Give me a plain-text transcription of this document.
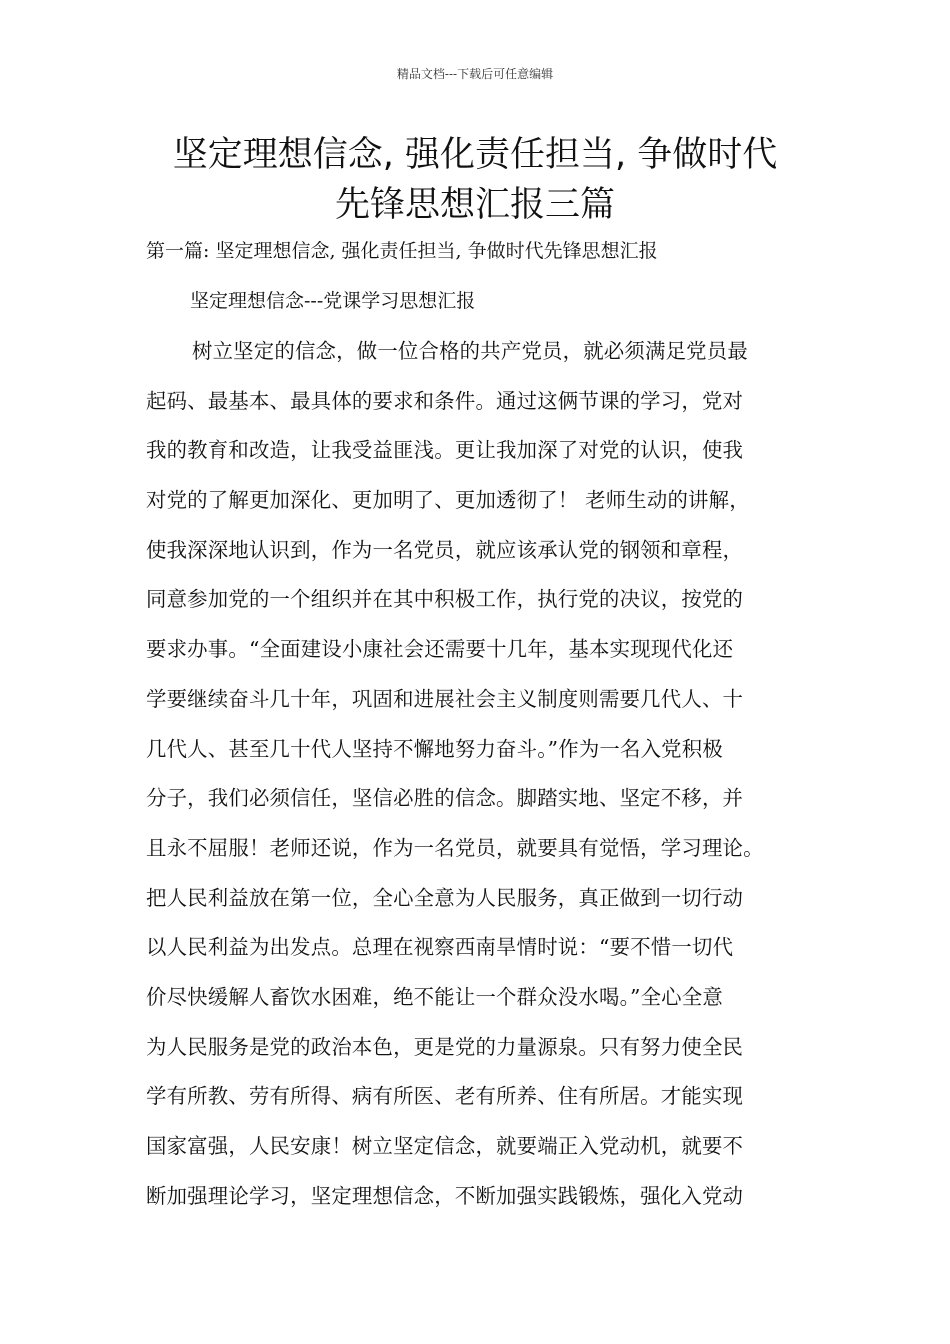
精品文档---下载后可任意编辑
坚定理想信念, 强化责任担当, 争做时代
先锋思想汇报三篇
第一篇: 坚定理想信念, 强化责任担当, 争做时代先锋思想汇报
坚定理想信念---党课学习思想汇报
树立坚定的信念，做一位合格的共产党员，就必须满足党员最
起码、最基本、最具体的要求和条件。通过这俩节课的学习，党对
我的教育和改造，让我受益匪浅。更让我加深了对党的认识，使我
对党的了解更加深化、更加明了、更加透彻了！ 老师生动的讲解，
使我深深地认识到，作为一名党员，就应该承认党的钢领和章程，
同意参加党的一个组织并在其中积极工作，执行党的决议，按党的
要求办事。“全面建设小康社会还需要十几年，基本实现现代化还
学要继续奋斗几十年，巩固和进展社会主义制度则需要几代人、十
几代人、甚至几十代人坚持不懈地努力奋斗。”作为一名入党积极
分子，我们必须信任，坚信必胜的信念。脚踏实地、坚定不移，并
且永不屈服！老师还说，作为一名党员，就要具有觉悟，学习理论。
把人民利益放在第一位，全心全意为人民服务，真正做到一切行动
以人民利益为出发点。总理在视察西南旱情时说：“要不惜一切代
价尽快缓解人畜饮水困难，绝不能让一个群众没水喝。”全心全意
为人民服务是党的政治本色，更是党的力量源泉。只有努力使全民
学有所教、劳有所得、病有所医、老有所养、住有所居。才能实现
国家富强，人民安康！树立坚定信念，就要端正入党动机，就要不
断加强理论学习，坚定理想信念，不断加强实践锻炼，强化入党动
